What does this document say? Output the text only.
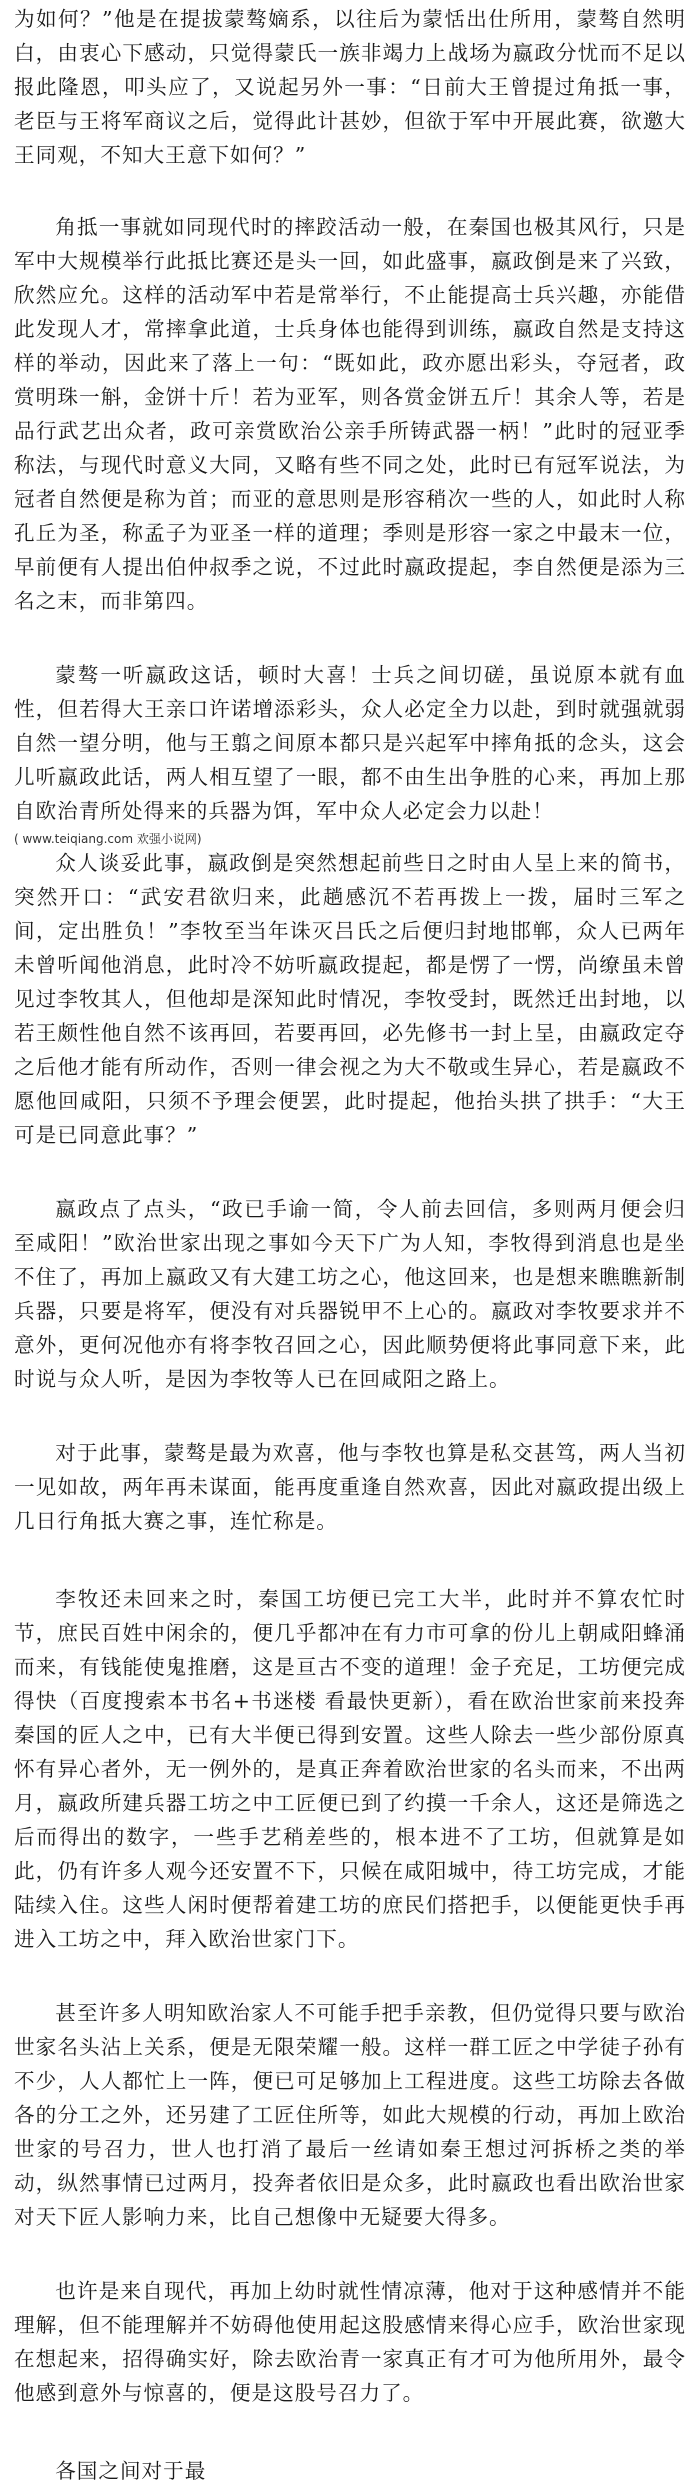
为如何？”他是在提拔蒙骜嫡系，以往后为蒙恬出仕所用，蒙骜自然明白，由衷心下感动，只觉得蒙氏一族非竭力上战场为嬴政分忧而不足以报此隆恩，叩头应了，又说起另外一事：“日前大王曾提过角抵一事，老臣与王将军商议之后，觉得此计甚妙，但欲于军中开展此赛，欲邀大王同观，不知大王意下如何？”

角抵一事就如同现代时的摔跤活动一般，在秦国也极其风行，只是军中大规模举行此抵比赛还是头一回，如此盛事，嬴政倒是来了兴致，欣然应允。这样的活动军中若是常举行，不止能提高士兵兴趣，亦能借此发现人才，常摔拿此道，士兵身体也能得到训练，嬴政自然是支持这样的举动，因此来了落上一句：“既如此，政亦愿出彩头，夺冠者，政赏明珠一斛，金饼十斤！若为亚军，则各赏金饼五斤！其余人等，若是品行武艺出众者，政可亲赏欧治公亲手所铸武器一柄！”此时的冠亚季称法，与现代时意义大同，又略有些不同之处，此时已有冠军说法，为冠者自然便是称为首；而亚的意思则是形容稍次一些的人，如此时人称孔丘为圣，称孟子为亚圣一样的道理；季则是形容一家之中最末一位，早前便有人提出伯仲叔季之说，不过此时嬴政提起，李自然便是添为三名之末，而非第四。

蒙骜一听嬴政这话，顿时大喜！士兵之间切磋，虽说原本就有血性，但若得大王亲口许诺增添彩头，众人必定全力以赴，到时就强就弱自然一望分明，他与王翦之间原本都只是兴起军中摔角抵的念头，这会儿听嬴政此话，两人相互望了一眼，都不由生出争胜的心来，再加上那自欧治青所处得来的兵器为饵，军中众人必定会力以赴！

( www.teiqiang.com 欢强小说网)

众人谈妥此事，嬴政倒是突然想起前些日之时由人呈上来的简书，突然开口：“武安君欲归来，此趟感沉不若再拨上一拨，届时三军之间，定出胜负！”李牧至当年诛灭吕氏之后便归封地邯郸，众人已两年未曾听闻他消息，此时冷不妨听嬴政提起，都是愣了一愣，尚缭虽未曾见过李牧其人，但他却是深知此时情况，李牧受封，既然迁出封地，以若王颇性他自然不该再回，若要再回，必先修书一封上呈，由嬴政定夺之后他才能有所动作，否则一律会视之为大不敬或生异心，若是嬴政不愿他回咸阳，只须不予理会便罢，此时提起，他抬头拱了拱手：“大王可是已同意此事？”

嬴政点了点头，“政已手谕一简，令人前去回信，多则两月便会归至咸阳！”欧治世家出现之事如今天下广为人知，李牧得到消息也是坐不住了，再加上嬴政又有大建工坊之心，他这回来，也是想来瞧瞧新制兵器，只要是将军，便没有对兵器锐甲不上心的。嬴政对李牧要求并不意外，更何况他亦有将李牧召回之心，因此顺势便将此事同意下来，此时说与众人听，是因为李牧等人已在回咸阳之路上。

对于此事，蒙骜是最为欢喜，他与李牧也算是私交甚笃，两人当初一见如故，两年再未谋面，能再度重逢自然欢喜，因此对嬴政提出级上几日行角抵大赛之事，连忙称是。

李牧还未回来之时，秦国工坊便已完工大半，此时并不算农忙时节，庶民百姓中闲余的，便几乎都冲在有力市可拿的份儿上朝咸阳蜂涌而来，有钱能使鬼推磨，这是亘古不变的道理！金子充足，工坊便完成得快（百度搜索本书名+书迷楼 看最快更新），看在欧治世家前来投奔秦国的匠人之中，已有大半便已得到安置。这些人除去一些少部份原真怀有异心者外，无一例外的，是真正奔着欧治世家的名头而来，不出两月，嬴政所建兵器工坊之中工匠便已到了约摸一千余人，这还是筛选之后而得出的数字，一些手艺稍差些的，根本进不了工坊，但就算是如此，仍有许多人观今还安置不下，只候在咸阳城中，待工坊完成，才能陆续入住。这些人闲时便帮着建工坊的庶民们搭把手，以便能更快手再进入工坊之中，拜入欧治世家门下。

甚至许多人明知欧治家人不可能手把手亲教，但仍觉得只要与欧治世家名头沾上关系，便是无限荣耀一般。这样一群工匠之中学徒子孙有不少，人人都忙上一阵，便已可足够加上工程进度。这些工坊除去各做各的分工之外，还另建了工匠住所等，如此大规模的行动，再加上欧治世家的号召力，世人也打消了最后一丝请如秦王想过河拆桥之类的举动，纵然事情已过两月，投奔者依旧是众多，此时嬴政也看出欧治世家对天下匠人影响力来，比自己想像中无疑要大得多。

也许是来自现代，再加上幼时就性情凉薄，他对于这种感情并不能理解，但不能理解并不妨碍他使用起这股感情来得心应手，欧治世家现在想起来，招得确实好，除去欧治青一家真正有才可为他所用外，最令他感到意外与惊喜的，便是这股号召力了。

各国之间对于最
